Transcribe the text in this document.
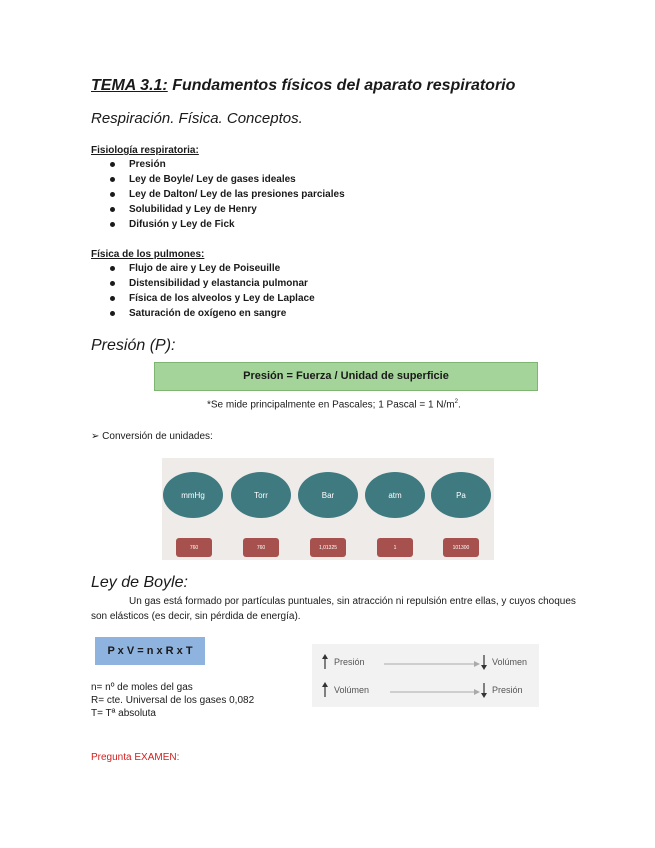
TEMA 3.1: Fundamentos físicos del aparato respiratorio
Respiración. Física. Conceptos.
Fisiología respiratoria:
Presión
Ley de Boyle/ Ley de gases ideales
Ley de Dalton/ Ley de las presiones parciales
Solubilidad y Ley de Henry
Difusión y Ley de Fick
Física de los pulmones:
Flujo de aire y Ley de Poiseuille
Distensibilidad y elastancia pulmonar
Física de los alveolos y Ley de Laplace
Saturación de oxígeno en sangre
Presión (P):
Presión = Fuerza / Unidad de superficie
*Se mide principalmente en Pascales; 1 Pascal = 1 $N/m^2$.
➢ Conversión de unidades:
mmHg	Torr	Bar	atm	Pa
760	760	1,01325	1	101300
Ley de Boyle:
Un gas está formado por partículas puntuales, sin atracción ni repulsión entre ellas, y cuyos choques son elásticos (es decir, sin pérdida de energía).
P x V = n x R x T
n= nº de moles del gas
R= cte. Universal de los gases 0,082
T= Tª absoluta
Presión	Volúmen
Volúmen	Presión
Pregunta EXAMEN:
